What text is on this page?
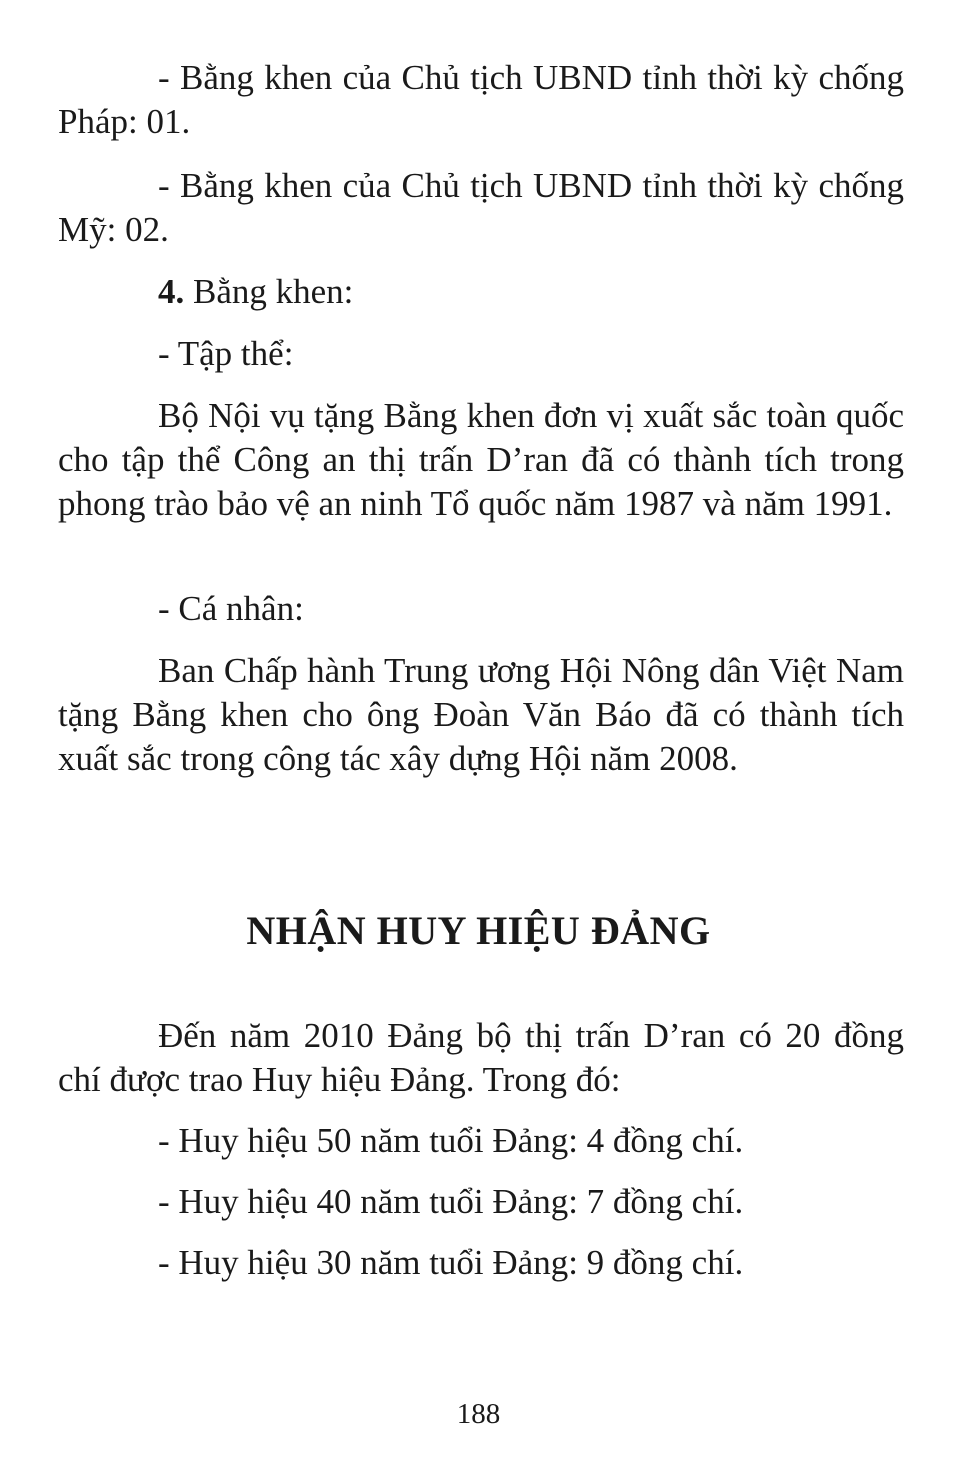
- Bằng khen của Chủ tịch UBND tỉnh thời kỳ chống Pháp: 01.

- Bằng khen của Chủ tịch UBND tỉnh thời kỳ chống Mỹ: 02.

4. Bằng khen:

- Tập thể:

Bộ Nội vụ tặng Bằng khen đơn vị xuất sắc toàn quốc cho tập thể Công an thị trấn D’ran đã có thành tích trong phong trào bảo vệ an ninh Tổ quốc năm 1987 và năm 1991.

- Cá nhân:

Ban Chấp hành Trung ương Hội Nông dân Việt Nam tặng Bằng khen cho ông Đoàn Văn Báo đã có thành tích xuất sắc trong công tác xây dựng Hội năm 2008.

NHẬN HUY HIỆU ĐẢNG

Đến năm 2010 Đảng bộ thị trấn D’ran có 20 đồng chí được trao Huy hiệu Đảng. Trong đó:

- Huy hiệu 50 năm tuổi Đảng: 4 đồng chí.

- Huy hiệu 40 năm tuổi Đảng: 7 đồng chí.

- Huy hiệu 30 năm tuổi Đảng: 9 đồng chí.

188
